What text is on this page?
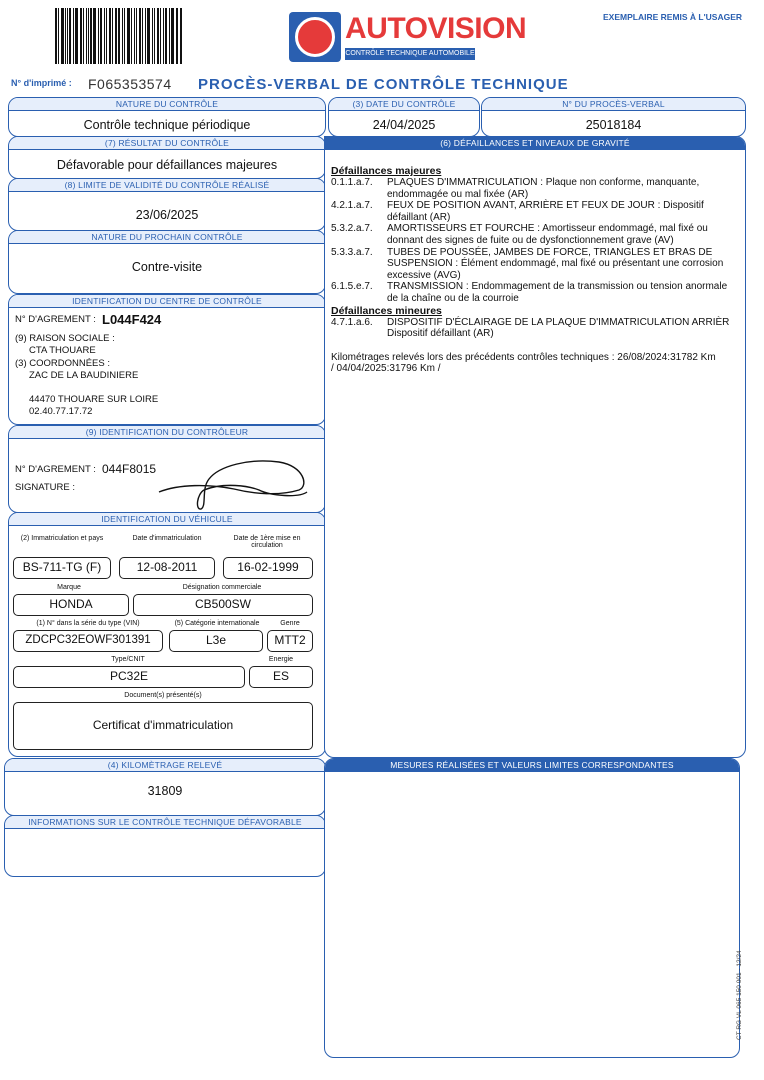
AUTOVISION
CONTRÔLE TECHNIQUE AUTOMOBILE
EXEMPLAIRE REMIS À L'USAGER
N° d'imprimé : F065353574 PROCÈS-VERBAL DE CONTRÔLE TECHNIQUE
NATURE DU CONTRÔLE
Contrôle technique périodique
(3) DATE DU CONTRÔLE
24/04/2025
N° DU PROCÈS-VERBAL
25018184
(7) RÉSULTAT DU CONTRÔLE
Défavorable pour défaillances majeures
(8) LIMITE DE VALIDITÉ DU CONTRÔLE RÉALISÉ
23/06/2025
NATURE DU PROCHAIN CONTRÔLE
Contre-visite
IDENTIFICATION DU CENTRE DE CONTRÔLE
N° D'AGREMENT : L044F424
(9) RAISON SOCIALE :
CTA THOUARE
(3) COORDONNÉES :
ZAC DE LA BAUDINIERE
44470 THOUARE SUR LOIRE
02.40.77.17.72
(9) IDENTIFICATION DU CONTRÔLEUR
N° D'AGREMENT : 044F8015
SIGNATURE :
IDENTIFICATION DU VÉHICULE
(2) Immatriculation et pays	Date d'immatriculation	Date de 1ère mise en circulation
BS-711-TG (F)	12-08-2011	16-02-1999
Marque	Désignation commerciale
HONDA	CB500SW
(1) N° dans la série du type (VIN)	(5) Catégorie internationale	Genre
ZDCPC32EOWF301391	L3e	MTT2
Type/CNIT	Energie
PC32E	ES
Document(s) présenté(s)
Certificat d'immatriculation
(4) KILOMÈTRAGE RELEVÉ
31809
INFORMATIONS SUR LE CONTRÔLE TECHNIQUE DÉFAVORABLE
(6) DÉFAILLANCES ET NIVEAUX DE GRAVITÉ
Défaillances majeures
0.1.1.a.7.	PLAQUES D'IMMATRICULATION : Plaque non conforme, manquante,
endommagée ou mal fixée (AR)
4.2.1.a.7.	FEUX DE POSITION AVANT, ARRIÈRE ET FEUX DE JOUR : Dispositif
défaillant (AR)
5.3.2.a.7.	AMORTISSEURS ET FOURCHE : Amortisseur endommagé, mal fixé ou
donnant des signes de fuite ou de dysfonctionnement grave (AV)
5.3.3.a.7.	TUBES DE POUSSÉE, JAMBES DE FORCE, TRIANGLES ET BRAS DE
SUSPENSION : Élément endommagé, mal fixé ou présentant une corrosion
excessive (AVG)
6.1.5.e.7.	TRANSMISSION : Endommagement de la transmission ou tension anormale
de la chaîne ou de la courroie
Défaillances mineures
4.7.1.a.6.	DISPOSITIF D'ÉCLAIRAGE DE LA PLAQUE D'IMMATRICULATION ARRIÈR
Dispositif défaillant (AR)
Kilométrages relevés lors des précédents contrôles techniques : 26/08/2024:31782 Km
/ 04/04/2025:31796 Km /
MESURES RÉALISÉES ET VALEURS LIMITES CORRESPONDANTES
CT RG VL 065 150 001 - 12/24
